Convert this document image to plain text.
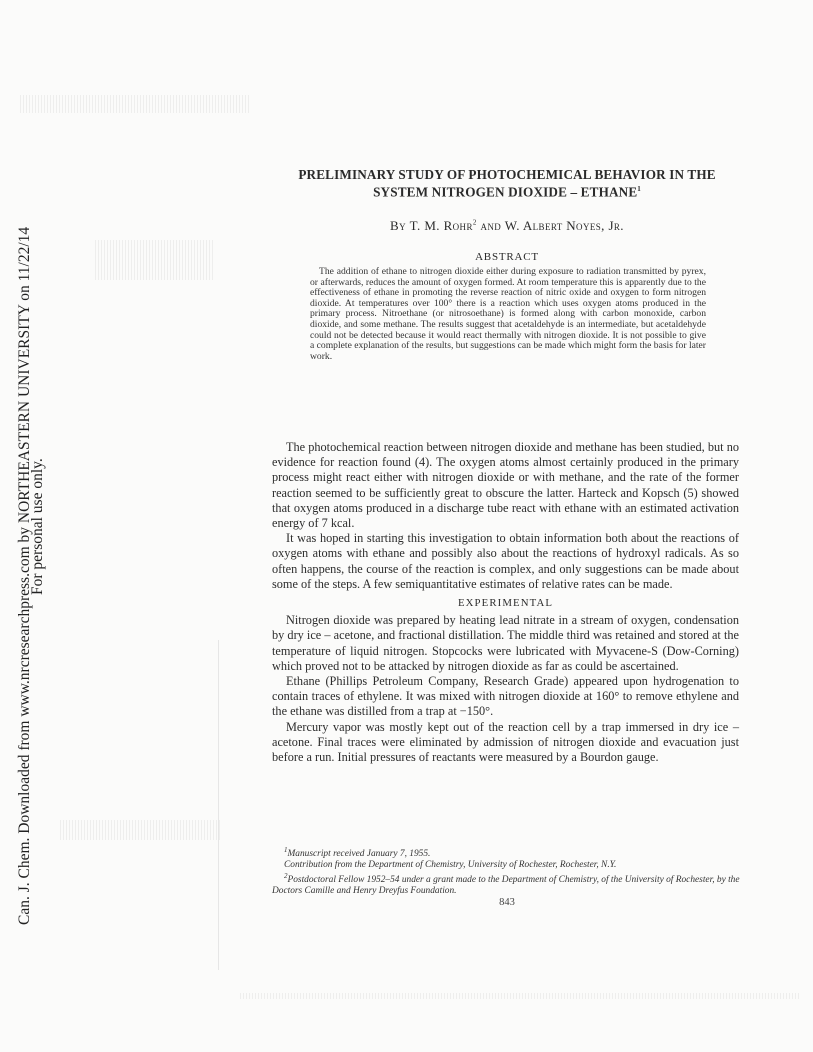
Can. J. Chem. Downloaded from www.nrcresearchpress.com by NORTHEASTERN UNIVERSITY on 11/22/14
For personal use only.
PRELIMINARY STUDY OF PHOTOCHEMICAL BEHAVIOR IN THE
SYSTEM NITROGEN DIOXIDE – ETHANE$^1$
By T. M. Rohr$^2$ and W. Albert Noyes, Jr.
ABSTRACT
The addition of ethane to nitrogen dioxide either during exposure to radiation transmitted by pyrex, or afterwards, reduces the amount of oxygen formed. At room temperature this is apparently due to the effectiveness of ethane in promoting the reverse reaction of nitric oxide and oxygen to form nitrogen dioxide. At temperatures over 100° there is a reaction which uses oxygen atoms produced in the primary process. Nitroethane (or nitrosoethane) is formed along with carbon monoxide, carbon dioxide, and some methane. The results suggest that acetaldehyde is an intermediate, but acetaldehyde could not be detected because it would react thermally with nitrogen dioxide. It is not possible to give a complete explanation of the results, but suggestions can be made which might form the basis for later work.

The photochemical reaction between nitrogen dioxide and methane has been studied, but no evidence for reaction found (4). The oxygen atoms almost certainly produced in the primary process might react either with nitrogen dioxide or with methane, and the rate of the former reaction seemed to be sufficiently great to obscure the latter. Harteck and Kopsch (5) showed that oxygen atoms produced in a discharge tube react with ethane with an estimated activation energy of 7 kcal.

It was hoped in starting this investigation to obtain information both about the reactions of oxygen atoms with ethane and possibly also about the reactions of hydroxyl radicals. As so often happens, the course of the reaction is complex, and only suggestions can be made about some of the steps. A few semiquantitative estimates of relative rates can be made.

EXPERIMENTAL

Nitrogen dioxide was prepared by heating lead nitrate in a stream of oxygen, condensation by dry ice – acetone, and fractional distillation. The middle third was retained and stored at the temperature of liquid nitrogen. Stopcocks were lubricated with Myvacene-S (Dow-Corning) which proved not to be attacked by nitrogen dioxide as far as could be ascertained.

Ethane (Phillips Petroleum Company, Research Grade) appeared upon hydrogenation to contain traces of ethylene. It was mixed with nitrogen dioxide at 160° to remove ethylene and the ethane was distilled from a trap at −150°.

Mercury vapor was mostly kept out of the reaction cell by a trap immersed in dry ice – acetone. Final traces were eliminated by admission of nitrogen dioxide and evacuation just before a run. Initial pressures of reactants were measured by a Bourdon gauge.

$^1$Manuscript received January 7, 1955.
Contribution from the Department of Chemistry, University of Rochester, Rochester, N.Y.
$^2$Postdoctoral Fellow 1952–54 under a grant made to the Department of Chemistry, of the University of Rochester, by the Doctors Camille and Henry Dreyfus Foundation.
843
